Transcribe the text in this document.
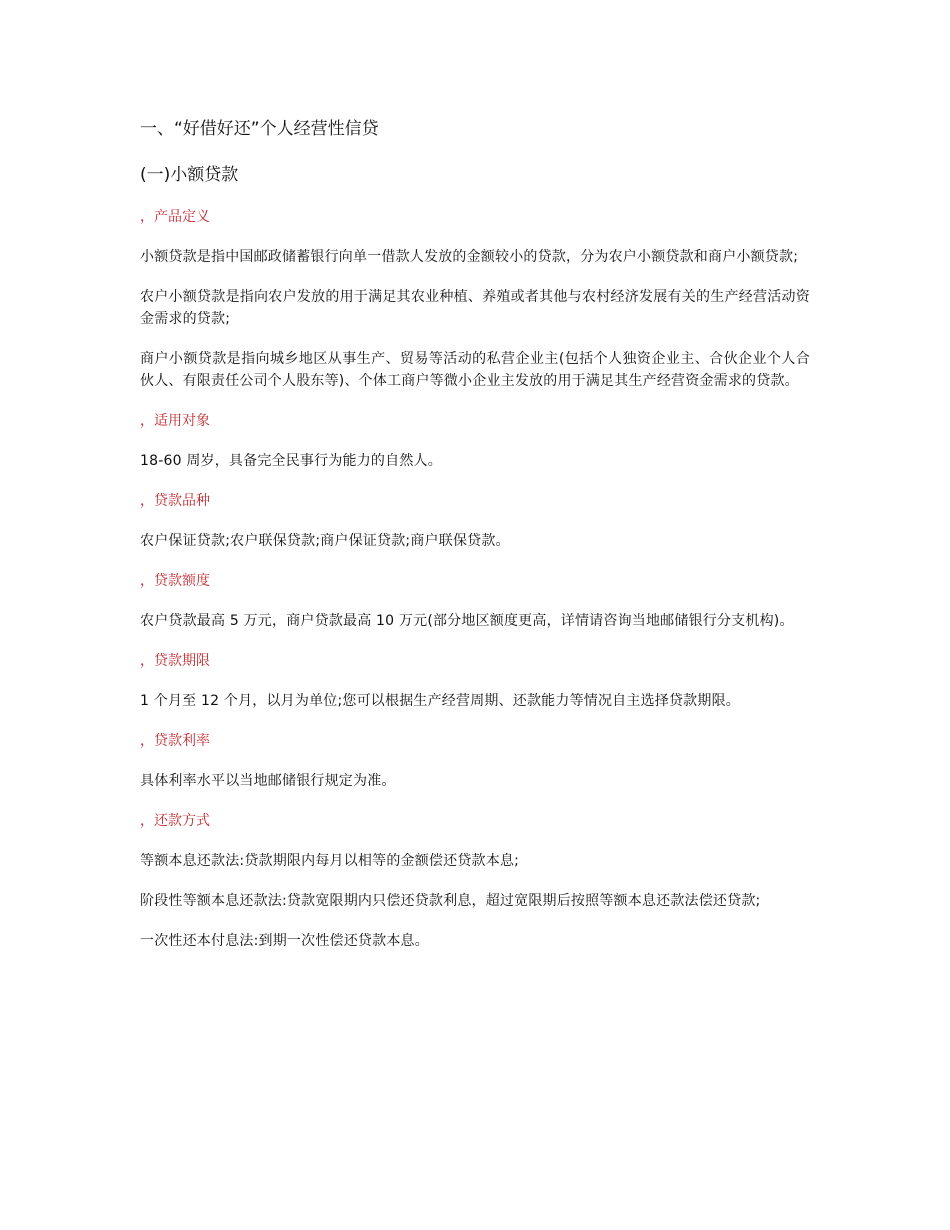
一、“好借好还”个人经营性信贷
(一)小额贷款
，产品定义

小额贷款是指中国邮政储蓄银行向单一借款人发放的金额较小的贷款，分为农户小额贷款和商户小额贷款;

农户小额贷款是指向农户发放的用于满足其农业种植、养殖或者其他与农村经济发展有关的生产经营活动资金需求的贷款;

商户小额贷款是指向城乡地区从事生产、贸易等活动的私营企业主(包括个人独资企业主、合伙企业个人合伙人、有限责任公司个人股东等)、个体工商户等微小企业主发放的用于满足其生产经营资金需求的贷款。

，适用对象

18-60 周岁，具备完全民事行为能力的自然人。

，贷款品种

农户保证贷款;农户联保贷款;商户保证贷款;商户联保贷款。

，贷款额度

农户贷款最高 5 万元，商户贷款最高 10 万元(部分地区额度更高，详情请咨询当地邮储银行分支机构)。

，贷款期限

1 个月至 12 个月，以月为单位;您可以根据生产经营周期、还款能力等情况自主选择贷款期限。

，贷款利率

具体利率水平以当地邮储银行规定为准。

，还款方式

等额本息还款法:贷款期限内每月以相等的金额偿还贷款本息;

阶段性等额本息还款法:贷款宽限期内只偿还贷款利息，超过宽限期后按照等额本息还款法偿还贷款;

一次性还本付息法:到期一次性偿还贷款本息。
